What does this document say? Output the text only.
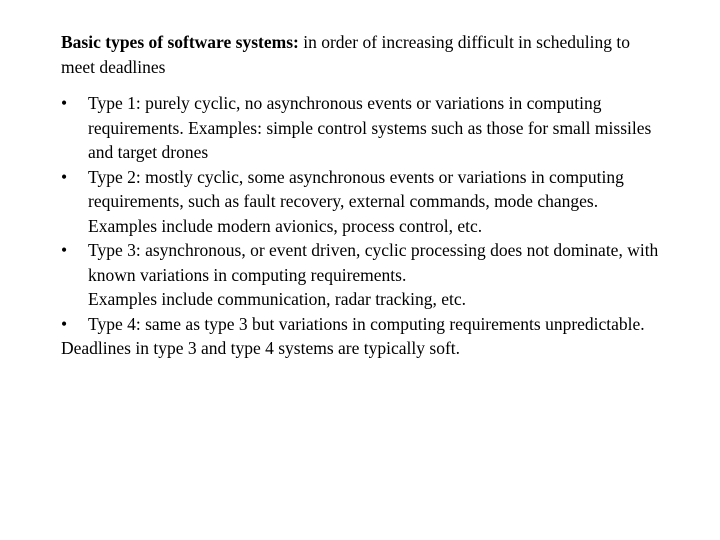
Basic types of software systems: in order of increasing difficult in scheduling to meet deadlines

• Type 1: purely cyclic, no asynchronous events or variations in computing requirements. Examples: simple control systems such as those for small missiles and target drones
• Type 2: mostly cyclic, some asynchronous events or variations in computing requirements, such as fault recovery, external commands, mode changes.
Examples include modern avionics, process control, etc.
• Type 3: asynchronous, or event driven, cyclic processing does not dominate, with known variations in computing requirements.
Examples include communication, radar tracking, etc.
• Type 4: same as type 3 but variations in computing requirements unpredictable.

Deadlines in type 3 and type 4 systems are typically soft.
